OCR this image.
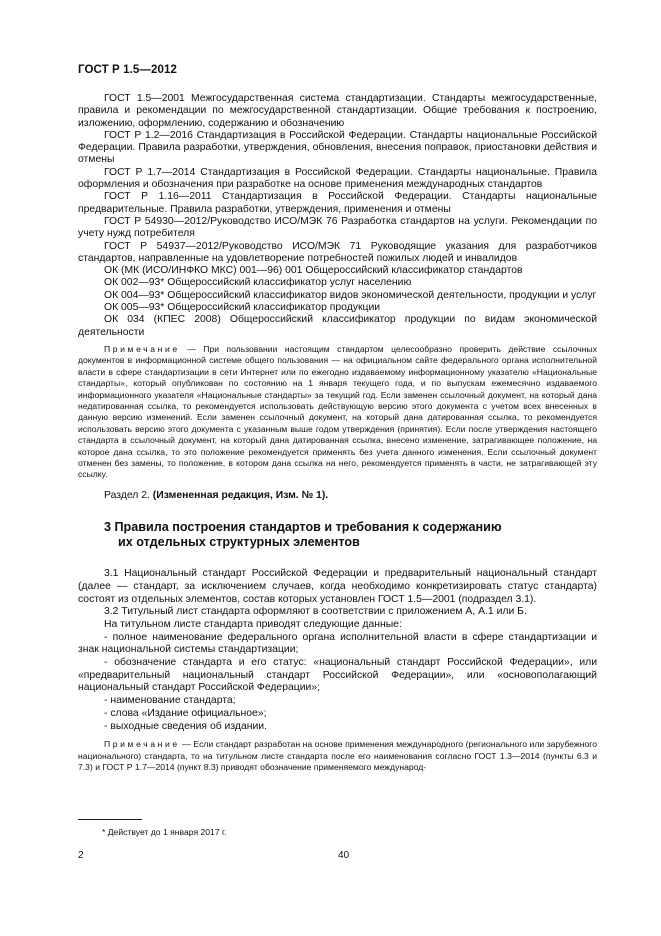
ГОСТ Р 1.5—2012

ГОСТ 1.5—2001 Межгосударственная система стандартизации. Стандарты межгосударственные, правила и рекомендации по межгосударственной стандартизации. Общие требования к построению, изложению, оформлению, содержанию и обозначению

ГОСТ Р 1.2—2016 Стандартизация в Российской Федерации. Стандарты национальные Российской Федерации. Правила разработки, утверждения, обновления, внесения поправок, приостановки действия и отмены

ГОСТ Р 1.7—2014 Стандартизация в Российской Федерации. Стандарты национальные. Правила оформления и обозначения при разработке на основе применения международных стандартов

ГОСТ Р 1.16—2011 Стандартизация в Российской Федерации. Стандарты национальные предварительные. Правила разработки, утверждения, применения и отмены

ГОСТ Р 54930—2012/Руководство ИСО/МЭК 76 Разработка стандартов на услуги. Рекомендации по учету нужд потребителя

ГОСТ Р 54937—2012/Руководство ИСО/МЭК 71 Руководящие указания для разработчиков стандартов, направленные на удовлетворение потребностей пожилых людей и инвалидов

ОК (МК (ИСО/ИНФКО МКС) 001—96) 001 Общероссийский классификатор стандартов

ОК 002—93* Общероссийский классификатор услуг населению

ОК 004—93* Общероссийский классификатор видов экономической деятельности, продукции и услуг

ОК 005—93* Общероссийский классификатор продукции

ОК 034 (КПЕС 2008) Общероссийский классификатор продукции по видам экономической деятельности

Примечание — При пользовании настоящим стандартом целесообразно проверить действие ссылочных документов в информационной системе общего пользования — на официальном сайте федерального органа исполнительной власти в сфере стандартизации в сети Интернет или по ежегодно издаваемому информационному указателю «Национальные стандарты», который опубликован по состоянию на 1 января текущего года, и по выпускам ежемесячно издаваемого информационного указателя «Национальные стандарты» за текущий год. Если заменен ссылочный документ, на который дана недатированная ссылка, то рекомендуется использовать действующую версию этого документа с учетом всех внесенных в данную версию изменений. Если заменен ссылочный документ, на который дана датированная ссылка, то рекомендуется использовать версию этого документа с указанным выше годом утверждения (принятия). Если после утверждения настоящего стандарта в ссылочный документ, на который дана датированная ссылка, внесено изменение, затрагивающее положение, на которое дана ссылка, то это положение рекомендуется применять без учета данного изменения. Если ссылочный документ отменен без замены, то положение, в котором дана ссылка на него, рекомендуется применять в части, не затрагивающей эту ссылку.
Раздел 2. (Измененная редакция, Изм. № 1).
3 Правила построения стандартов и требования к содержанию
их отдельных структурных элементов

3.1 Национальный стандарт Российской Федерации и предварительный национальный стандарт (далее — стандарт, за исключением случаев, когда необходимо конкретизировать статус стандарта) состоят из отдельных элементов, состав которых установлен ГОСТ 1.5—2001 (подраздел 3.1).

3.2 Титульный лист стандарта оформляют в соответствии с приложением А, А.1 или Б.

На титульном листе стандарта приводят следующие данные:

- полное наименование федерального органа исполнительной власти в сфере стандартизации и знак национальной системы стандартизации;

- обозначение стандарта и его статус: «национальный стандарт Российской Федерации», или «предварительный национальный стандарт Российской Федерации», или «основополагающий национальный стандарт Российской Федерации»;

- наименование стандарта;

- слова «Издание официальное»;

- выходные сведения об издании.

Примечание — Если стандарт разработан на основе применения международного (регионального или зарубежного национального) стандарта, то на титульном листе стандарта после его наименования согласно ГОСТ 1.3—2014 (пункты 6.3 и 7.3) и ГОСТ Р 1.7—2014 (пункт 8.3) приводят обозначение применяемого международ-
* Действует до 1 января 2017 г.
2	40
